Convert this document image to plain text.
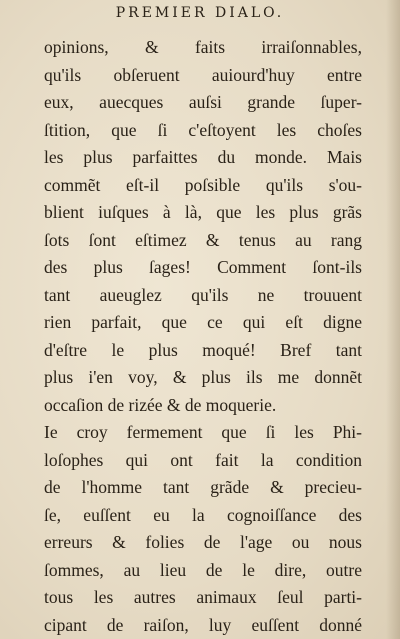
PREMIER DIALO.
opinions, & faits irraiſonnables,
qu'ils obſeruent auiourd'huy entre
eux, auecques auſsi grande ſuper-
ſtition, que ſi c'eſtoyent les choſes
les plus parfaittes du monde. Mais
commẽt eſt-il poſsible qu'ils s'ou-
blient iuſques à là, que les plus grãs
ſots ſont eſtimez & tenus au rang
des plus ſages! Comment ſont-ils
tant aueuglez qu'ils ne trouuent
rien parfait, que ce qui eſt digne
d'eſtre le plus moqué! Bref tant
plus i'en voy, & plus ils me donnẽt
occaſion de rizée & de moquerie.
Ie croy fermement que ſi les Phi-
loſophes qui ont fait la condition
de l'homme tant grãde & precieu-
ſe, euſſent eu la cognoiſſance des
erreurs & folies de l'age ou nous
ſommes, au lieu de le dire, outre
tous les autres animaux ſeul parti-
cipant de raiſon, luy euſſent donné
